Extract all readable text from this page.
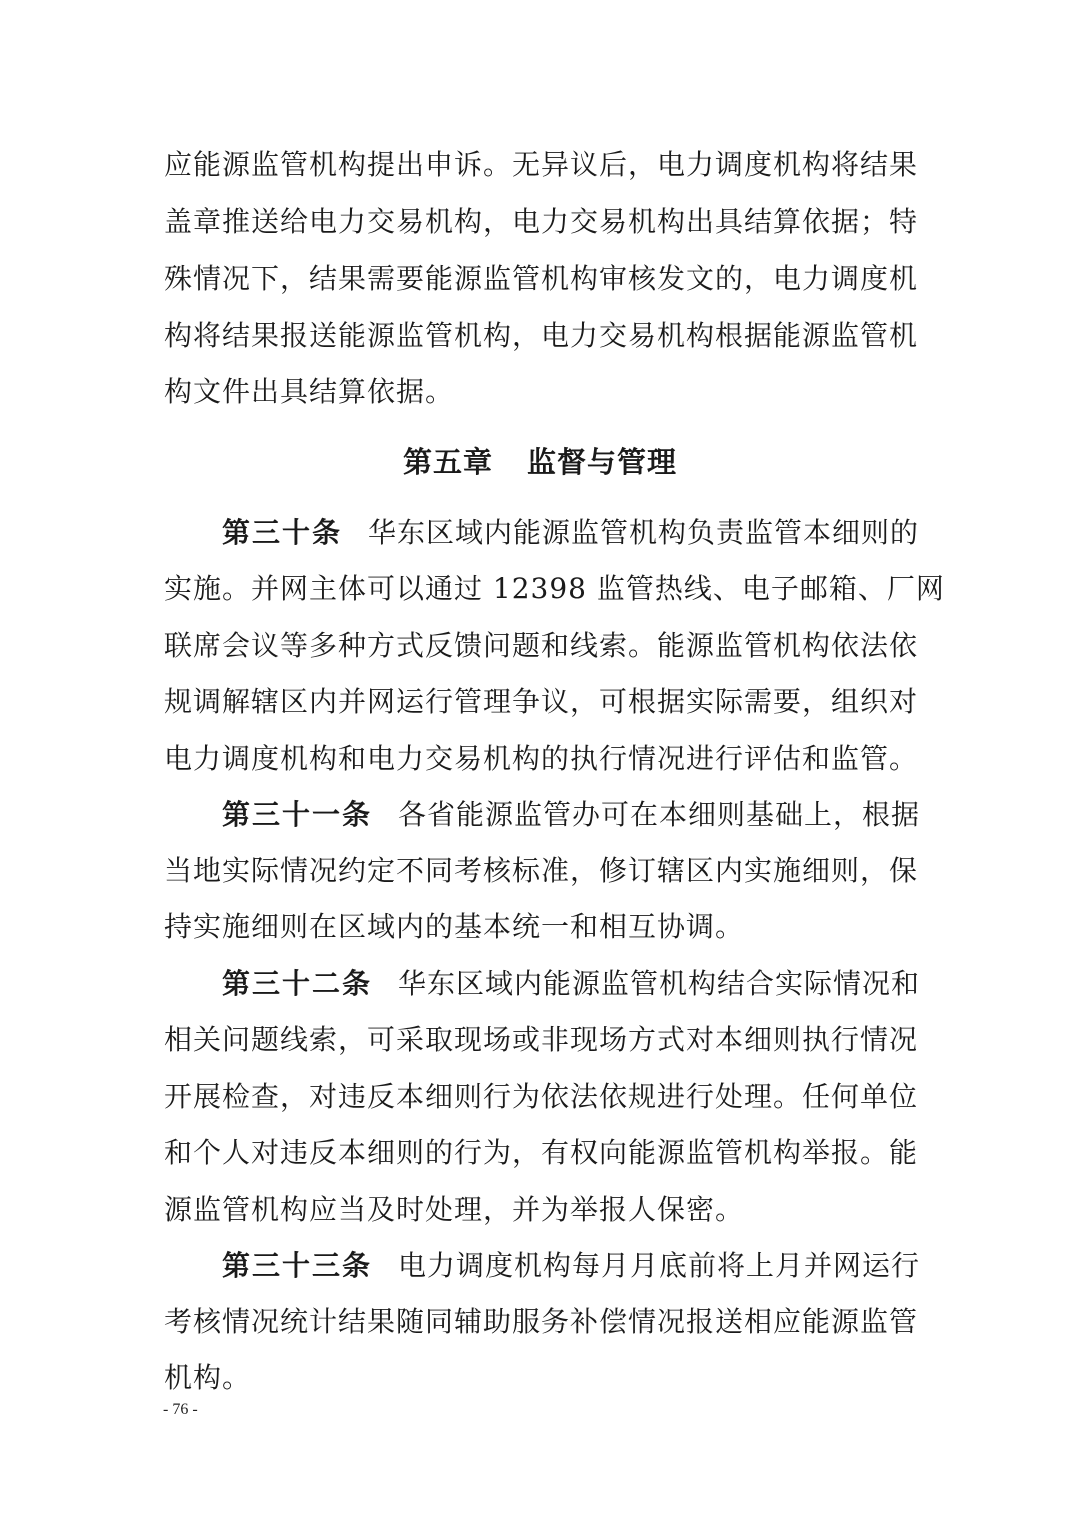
应能源监管机构提出申诉。无异议后，电力调度机构将结果
盖章推送给电力交易机构，电力交易机构出具结算依据；特
殊情况下，结果需要能源监管机构审核发文的，电力调度机
构将结果报送能源监管机构，电力交易机构根据能源监管机
构文件出具结算依据。
第五章 监督与管理
第三十条 华东区域内能源监管机构负责监管本细则的
实施。并网主体可以通过 12398 监管热线、电子邮箱、厂网
联席会议等多种方式反馈问题和线索。能源监管机构依法依
规调解辖区内并网运行管理争议，可根据实际需要，组织对
电力调度机构和电力交易机构的执行情况进行评估和监管。
第三十一条 各省能源监管办可在本细则基础上，根据
当地实际情况约定不同考核标准，修订辖区内实施细则，保
持实施细则在区域内的基本统一和相互协调。
第三十二条 华东区域内能源监管机构结合实际情况和
相关问题线索，可采取现场或非现场方式对本细则执行情况
开展检查，对违反本细则行为依法依规进行处理。任何单位
和个人对违反本细则的行为，有权向能源监管机构举报。能
源监管机构应当及时处理，并为举报人保密。
第三十三条 电力调度机构每月月底前将上月并网运行
考核情况统计结果随同辅助服务补偿情况报送相应能源监管
机构。
- 76 -
